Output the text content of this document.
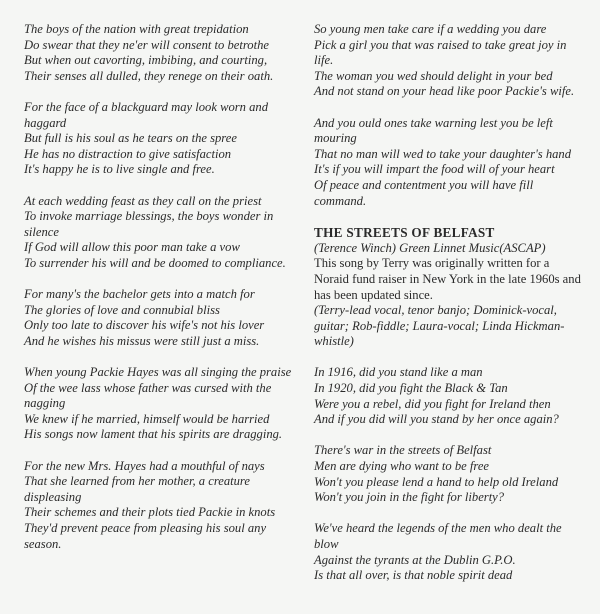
The boys of the nation with great trepidation
Do swear that they ne'er will consent to betrothe
But when out cavorting, imbibing, and courting,
Their senses all dulled, they renege on their oath.
For the face of a blackguard may look worn and haggard
But full is his soul as he tears on the spree
He has no distraction to give satisfaction
It's happy he is to live single and free.
At each wedding feast as they call on the priest
To invoke marriage blessings, the boys wonder in silence
If God will allow this poor man take a vow
To surrender his will and be doomed to compliance.
For many's the bachelor gets into a match for
The glories of love and connubial bliss
Only too late to discover his wife's not his lover
And he wishes his missus were still just a miss.
When young Packie Hayes was all singing the praise
Of the wee lass whose father was cursed with the nagging
We knew if he married, himself would be harried
His songs now lament that his spirits are dragging.
For the new Mrs. Hayes had a mouthful of nays
That she learned from her mother, a creature displeasing
Their schemes and their plots tied Packie in knots
They'd prevent peace from pleasing his soul any season.
So young men take care if a wedding you dare
Pick a girl you that was raised to take great joy in life.
The woman you wed should delight in your bed
And not stand on your head like poor Packie's wife.
And you ould ones take warning lest you be left mouring
That no man will wed to take your daughter's hand
It's if you will impart the food will of your heart
Of peace and contentment you will have fill command.
THE STREETS OF BELFAST
(Terence Winch) Green Linnet Music(ASCAP)
This song by Terry was originally written for a Noraid fund raiser in New York in the late 1960s and has been updated since.
(Terry-lead vocal, tenor banjo; Dominick-vocal, guitar; Rob-fiddle; Laura-vocal; Linda Hickman-whistle)
In 1916, did you stand like a man
In 1920, did you fight the Black & Tan
Were you a rebel, did you fight for Ireland then
And if you did will you stand by her once again?
There's war in the streets of Belfast
Men are dying who want to be free
Won't you please lend a hand to help old Ireland
Won't you join in the fight for liberty?
We've heard the legends of the men who dealt the blow
Against the tyrants at the Dublin G.P.O.
Is that all over, is that noble spirit dead
